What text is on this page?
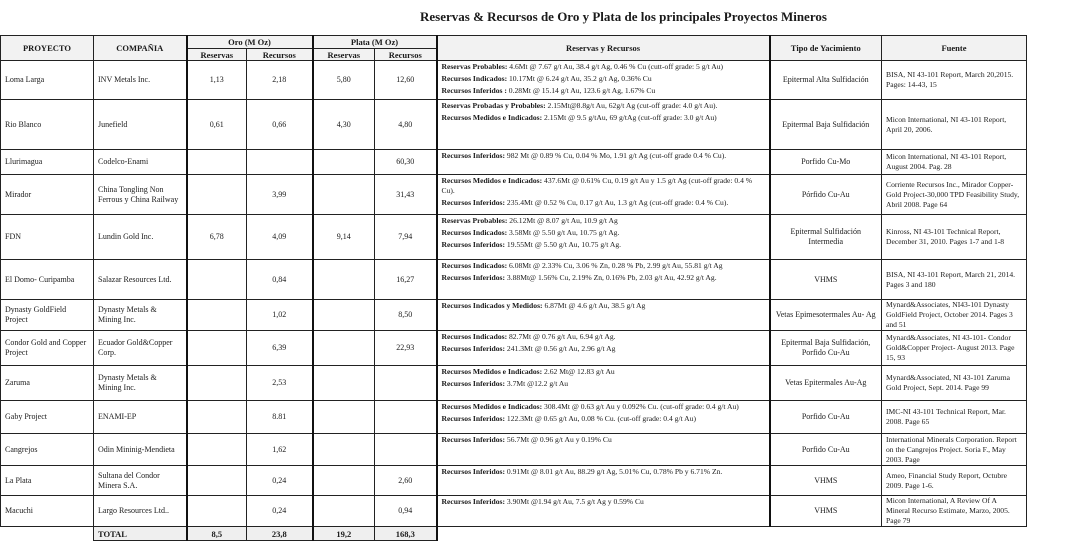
Reservas & Recursos de Oro y Plata de los principales Proyectos Mineros
PROYECTO	COMPAÑIA	Oro (M Oz)		Plata (M Oz)		Reservas y Recursos	Tipo de Yacimiento	Fuente
		Reservas	Recursos	Reservas	Recursos			
Loma Larga	INV Metals Inc.	1,13	2,18	5,80	12,60	Reservas Probables: 4.6Mt @ 7.67 g/t Au, 38.4 g/t Ag, 0.46 % Cu (cutt-off grade: 5 g/t Au)

Recursos Indicados: 10.17Mt @ 6.24 g/t Au, 35.2 g/t Ag, 0.36% Cu

Recursos Inferidos : 0.28Mt @ 15.14 g/t Au, 123.6 g/t Ag, 1.67% Cu	Epitermal Alta Sulfidación	BISA, NI 43-101 Report, March 20,2015. Pages: 14-43, 15
Rio Blanco	Junefield	0,61	0,66	4,30	4,80	Reservas Probadas y Probables: 2.15Mt@8.8g/t Au, 62g/t Ag (cut-off grade: 4.0 g/t Au).

Recursos Medidos e Indicados: 2.15Mt @ 9.5 g/tAu, 69 g/tAg (cut-off grade: 3.0 g/t Au)	Epitermal Baja Sulfidación	Micon International, NI 43-101 Report, April 20, 2006.
Llurimagua	Codelco-Enami				60,30	Recursos Inferidos: 982 Mt @ 0.89 % Cu, 0.04 % Mo, 1.91 g/t Ag (cut-off grade 0.4 % Cu).	Porfido Cu-Mo	Micon International, NI 43-101 Report, August 2004. Pag. 28
Mirador	China Tongling Non Ferrous y China Railway		3,99		31,43	Recursos Medidos e Indicados: 437.6Mt @ 0.61% Cu, 0.19 g/t Au y 1.5 g/t Ag (cut-off grade: 0.4 % Cu).

Recursos Inferidos: 235.4Mt @ 0.52 % Cu, 0.17 g/t Au, 1.3 g/t Ag (cut-off grade: 0.4 % Cu).	Pórfido Cu-Au	Corriente Recursos Inc., Mirador Copper-Gold Project-30,000 TPD Feasibility Study, Abril 2008. Page 64
FDN	Lundin Gold Inc.	6,78	4,09	9,14	7,94	Reservas Probables: 26.12Mt @ 8.07 g/t Au, 10.9 g/t Ag

Recursos Indicados: 3.58Mt @ 5.50 g/t Au, 10.75 g/t Ag.

Recursos Inferidos: 19.55Mt @ 5.50 g/t Au, 10.75 g/t Ag.	Epitermal Sulfidación Intermedia	Kinross, NI 43-101 Technical Report, December 31, 2010. Pages 1-7 and 1-8
El Domo- Curipamba	Salazar Resources Ltd.		0,84		16,27	Recursos Indicados: 6.08Mt @ 2.33% Cu, 3.06 % Zn, 0.28 % Pb, 2.99 g/t Au, 55.81 g/t Ag

Recursos Inferidos: 3.88Mt@ 1.56% Cu, 2.19% Zn, 0.16% Pb, 2.03 g/t Au, 42.92 g/t Ag.	VHMS	BISA, NI 43-101 Report, March 21, 2014. Pages 3 and 180
Dynasty GoldField Project	Dynasty Metals & Mining Inc.		1,02		8,50	Recursos Indicados y Medidos: 6.87Mt @ 4.6 g/t Au, 38.5 g/t Ag	Vetas Epimesotermales Au- Ag	Mynard&Associates, NI43-101 Dynasty GoldField Project, October 2014. Pages 3 and 51
Condor Gold and Copper Project	Ecuador Gold&Copper Corp.		6,39		22,93	Recursos Indicados: 82.7Mt @ 0.76 g/t Au, 6.94 g/t Ag.

Recursos Inferidos: 241.3Mt @ 0.56 g/t Au, 2.96 g/t Ag	Epitermal Baja Sulfidación, Porfido Cu-Au	Mynard&Associates, NI 43-101- Condor Gold&Copper Project- August 2013. Page 15, 93
Zaruma	Dynasty Metals & Mining Inc.		2,53			Recursos Medidos e Indicados: 2.62 Mt@ 12.83 g/t Au

Recursos Inferidos: 3.7Mt @12.2 g/t Au	Vetas Epitermales Au-Ag	Mynard&Associated, NI 43-101 Zaruma Gold Project, Sept. 2014. Page 99
Gaby Project	ENAMI-EP		8.81			Recursos Medidos e Indicados: 308.4Mt @ 0.63 g/t Au y 0.092% Cu. (cut-off grade: 0.4 g/t Au)

Recursos Inferidos: 122.3Mt @ 0.65 g/t Au, 0.08 % Cu. (cut-off grade: 0.4 g/t Au)	Porfido Cu-Au	IMC-NI 43-101 Technical Report, Mar. 2008. Page 65
Cangrejos	Odin Mininig-Mendieta		1,62			Recursos Inferidos: 56.7Mt @ 0.96 g/t Au y 0.19% Cu	Porfido Cu-Au	International Minerals Corporation. Report on the Cangrejos Project. Soria F., May 2003. Page
La Plata	Sultana del Condor Minera S.A.		0,24		2,60	Recursos Inferidos: 0.91Mt @ 8.01 g/t Au, 88.29 g/t Ag, 5.01% Cu, 0.78% Pb y 6.71% Zn.	VHMS	Ameo, Financial Study Report, Octubre 2009. Page 1-6.
Macuchi	Largo Resources Ltd..		0,24		0,94	Recursos Inferidos: 3.90Mt @1.94 g/t Au, 7.5 g/t Ag y 0.59% Cu	VHMS	Micon International, A Review Of A Mineral Recurso Estimate, Marzo, 2005. Page 79
	TOTAL	8,5	23,8	19,2	168,3			
